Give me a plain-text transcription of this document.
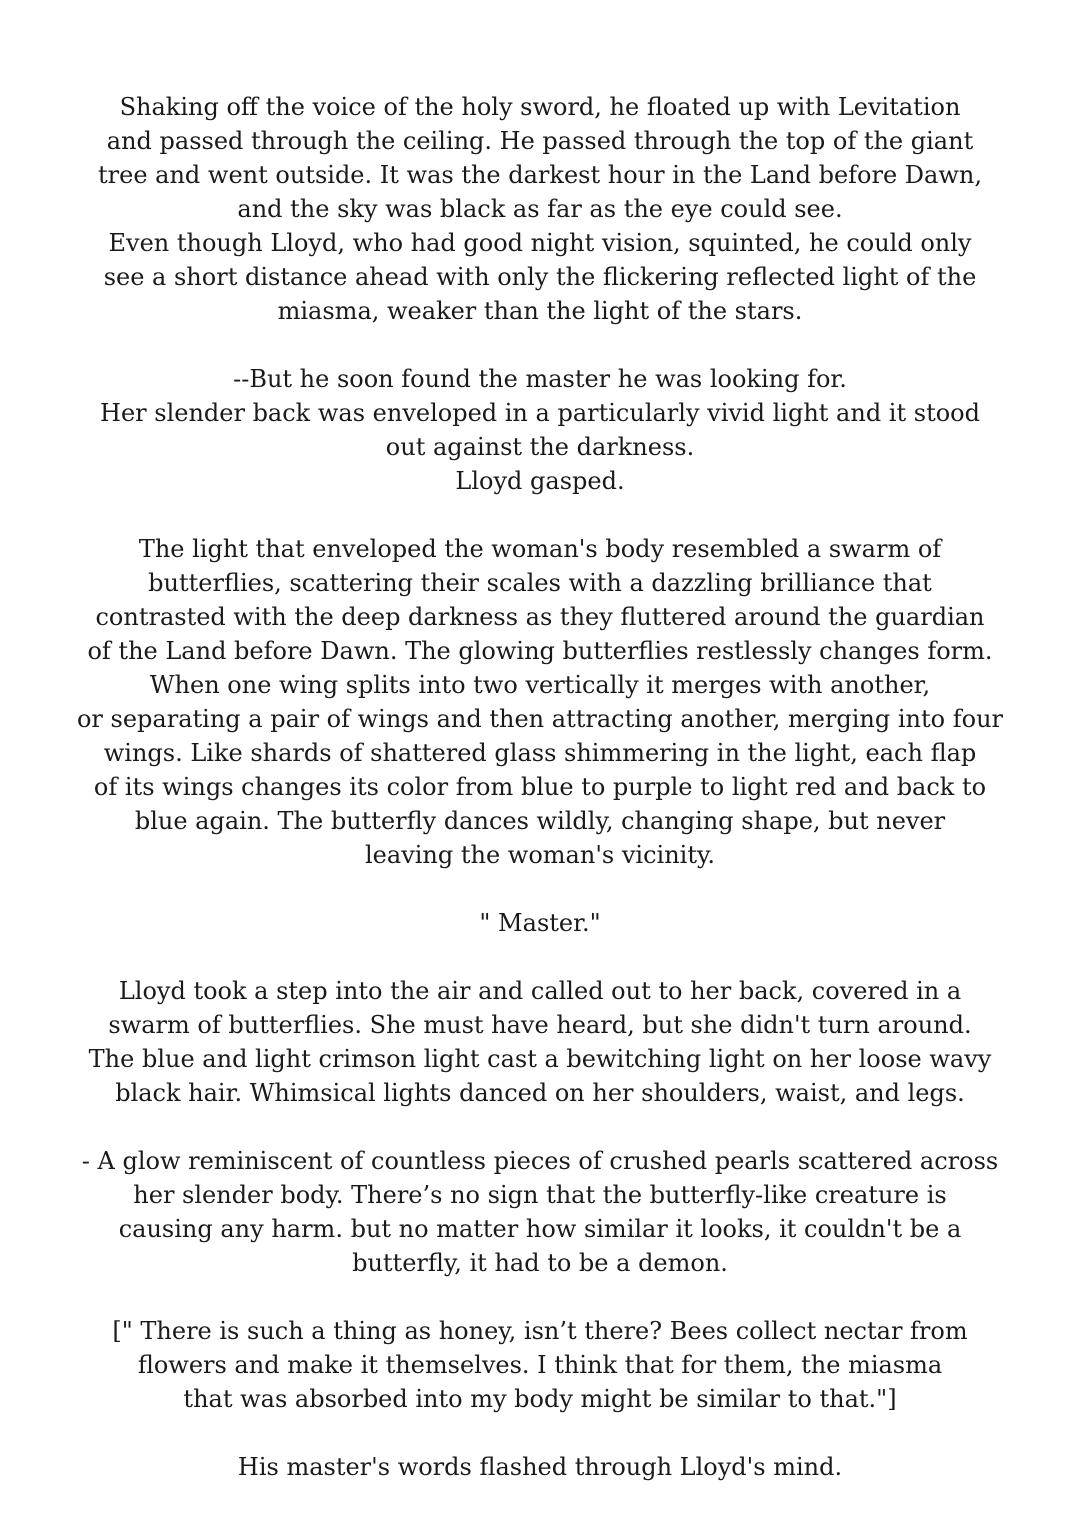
Shaking off the voice of the holy sword, he floated up with Levitation
and passed through the ceiling. He passed through the top of the giant
tree and went outside. It was the darkest hour in the Land before Dawn,
and the sky was black as far as the eye could see.
Even though Lloyd, who had good night vision, squinted, he could only
see a short distance ahead with only the flickering reflected light of the
miasma, weaker than the light of the stars.

--But he soon found the master he was looking for.
Her slender back was enveloped in a particularly vivid light and it stood
out against the darkness.
Lloyd gasped.

The light that enveloped the woman's body resembled a swarm of
butterflies, scattering their scales with a dazzling brilliance that
contrasted with the deep darkness as they fluttered around the guardian
of the Land before Dawn. The glowing butterflies restlessly changes form.
When one wing splits into two vertically it merges with another,
or separating a pair of wings and then attracting another, merging into four
wings. Like shards of shattered glass shimmering in the light, each flap
of its wings changes its color from blue to purple to light red and back to
blue again. The butterfly dances wildly, changing shape, but never
leaving the woman's vicinity.

" Master."

Lloyd took a step into the air and called out to her back, covered in a
swarm of butterflies. She must have heard, but she didn't turn around.
The blue and light crimson light cast a bewitching light on her loose wavy
black hair. Whimsical lights danced on her shoulders, waist, and legs.

- A glow reminiscent of countless pieces of crushed pearls scattered across
her slender body. There’s no sign that the butterfly-like creature is
causing any harm. but no matter how similar it looks, it couldn't be a
butterfly, it had to be a demon.

[" There is such a thing as honey, isn’t there? Bees collect nectar from
flowers and make it themselves. I think that for them, the miasma
that was absorbed into my body might be similar to that."]

His master's words flashed through Lloyd's mind.
